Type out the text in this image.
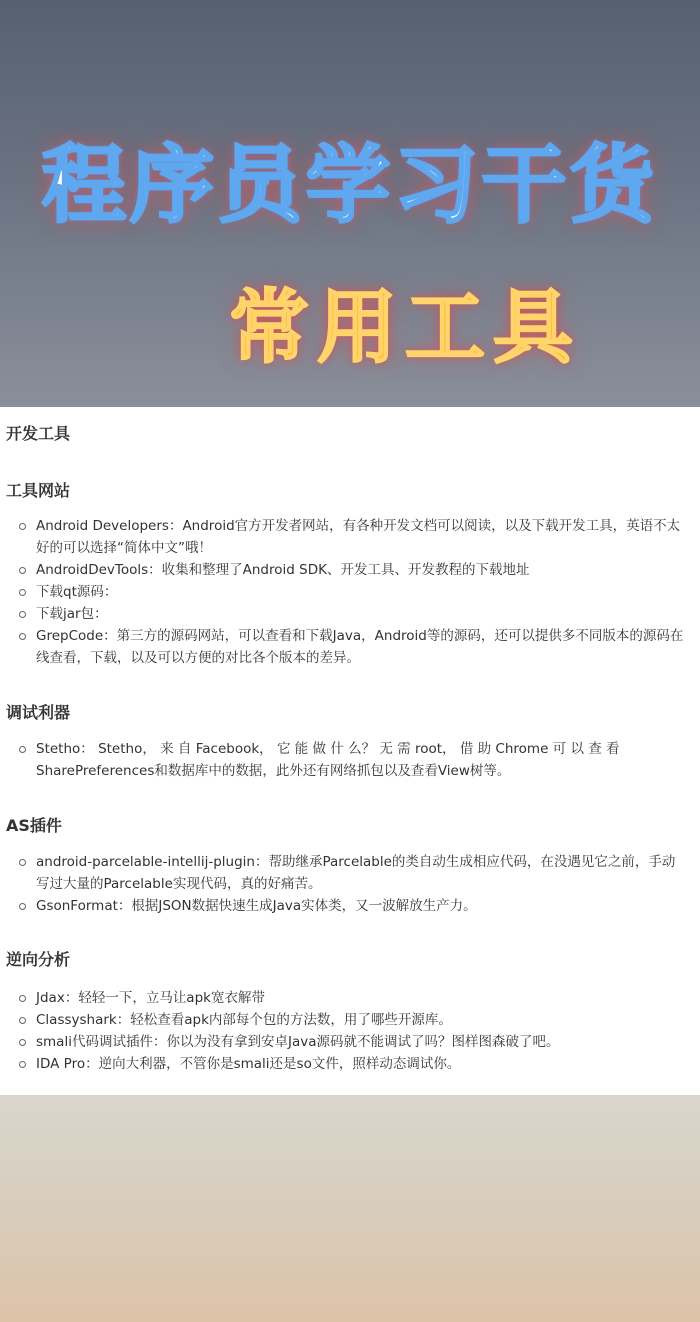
程序员学习干货
常用工具
开发工具
工具网站
Android Developers：Android官方开发者网站，有各种开发文档可以阅读，以及下载开发工具，英语不太好的可以选择“简体中文”哦！
AndroidDevTools：收集和整理了Android SDK、开发工具、开发教程的下载地址
下载qt源码：
下载jar包：
GrepCode：第三方的源码网站，可以查看和下载Java，Android等的源码，还可以提供多不同版本的源码在线查看，下载，以及可以方便的对比各个版本的差异。
调试利器
Stetho： Stetho， 来 自 Facebook， 它 能 做 什 么？ 无 需 root， 借 助 Chrome 可 以 查 看 SharePreferences和数据库中的数据，此外还有网络抓包以及查看View树等。
AS插件
android-parcelable-intellij-plugin：帮助继承Parcelable的类自动生成相应代码，在没遇见它之前，手动写过大量的Parcelable实现代码，真的好痛苦。
GsonFormat：根据JSON数据快速生成Java实体类，又一波解放生产力。
逆向分析
Jdax：轻轻一下，立马让apk宽衣解带
Classyshark：轻松查看apk内部每个包的方法数，用了哪些开源库。
smali代码调试插件：你以为没有拿到安卓Java源码就不能调试了吗？图样图森破了吧。
IDA Pro：逆向大利器，不管你是smali还是so文件，照样动态调试你。
